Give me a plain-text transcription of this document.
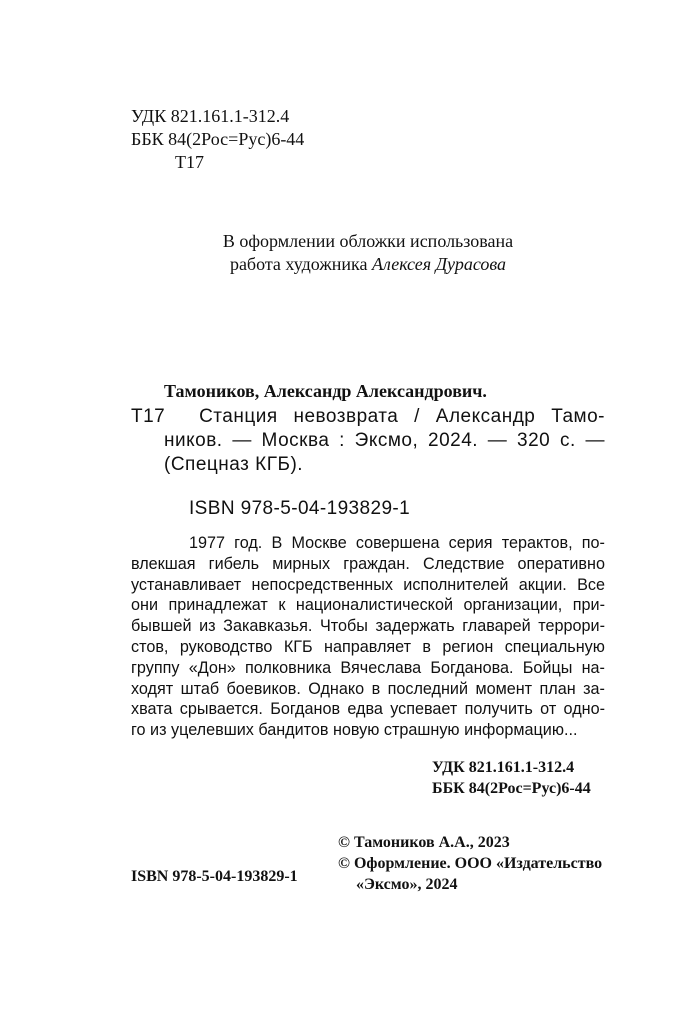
УДК 821.161.1-312.4
ББК 84(2Рос=Рус)6-44
Т17
В оформлении обложки использована
работа художника Алексея Дурасова
Тамоников, Александр Александрович.
Т17 Станция невозврата / Александр Тамо-
ников. — Москва : Эксмо, 2024. — 320 с. —
(Спецназ КГБ).
ISBN 978-5-04-193829-1
1977 год. В Москве совершена серия терактов, по-
влекшая гибель мирных граждан. Следствие оперативно
устанавливает непосредственных исполнителей акции. Все
они принадлежат к националистической организации, при-
бывшей из Закавказья. Чтобы задержать главарей террори-
стов, руководство КГБ направляет в регион специальную
группу «Дон» полковника Вячеслава Богданова. Бойцы на-
ходят штаб боевиков. Однако в последний момент план за-
хвата срывается. Богданов едва успевает получить от одно-
го из уцелевших бандитов новую страшную информацию...
УДК 821.161.1-312.4
ББК 84(2Рос=Рус)6-44
© Тамоников А.А., 2023
© Оформление. ООО «Издательство
«Эксмо», 2024
ISBN 978-5-04-193829-1
